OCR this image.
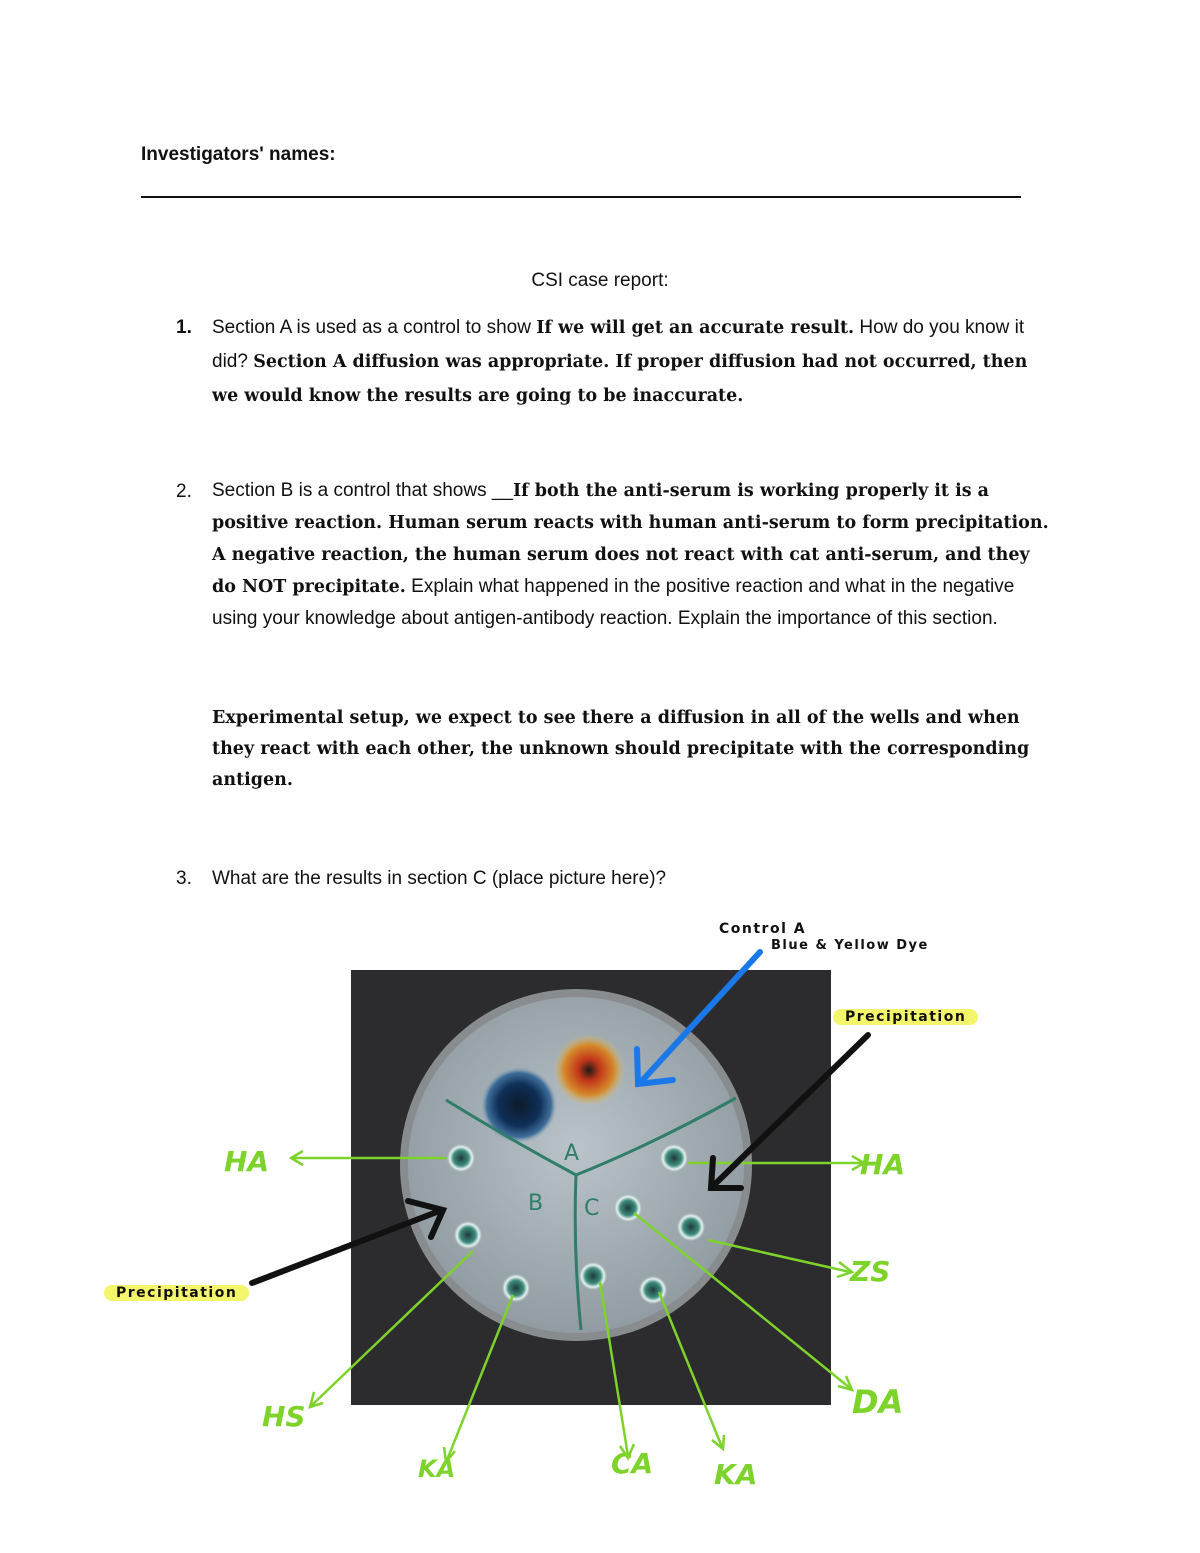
Investigators' names:
CSI case report:
1. Section A is used as a control to show If we will get an accurate result. How do you know it did? Section A diffusion was appropriate. If proper diffusion had not occurred, then we would know the results are going to be inaccurate.
2. Section B is a control that shows __If both the anti-serum is working properly it is a positive reaction. Human serum reacts with human anti-serum to form precipitation. A negative reaction, the human serum does not react with cat anti-serum, and they do NOT precipitate. Explain what happened in the positive reaction and what in the negative using your knowledge about antigen-antibody reaction. Explain the importance of this section.
Experimental setup, we expect to see there a diffusion in all of the wells and when they react with each other, the unknown should precipitate with the corresponding antigen.
3. What are the results in section C (place picture here)?
A
B C
Control A
Blue & Yellow Dye
Precipitation
Precipitation
HA	HA
ZS
DA
HS
KA	CA KA
